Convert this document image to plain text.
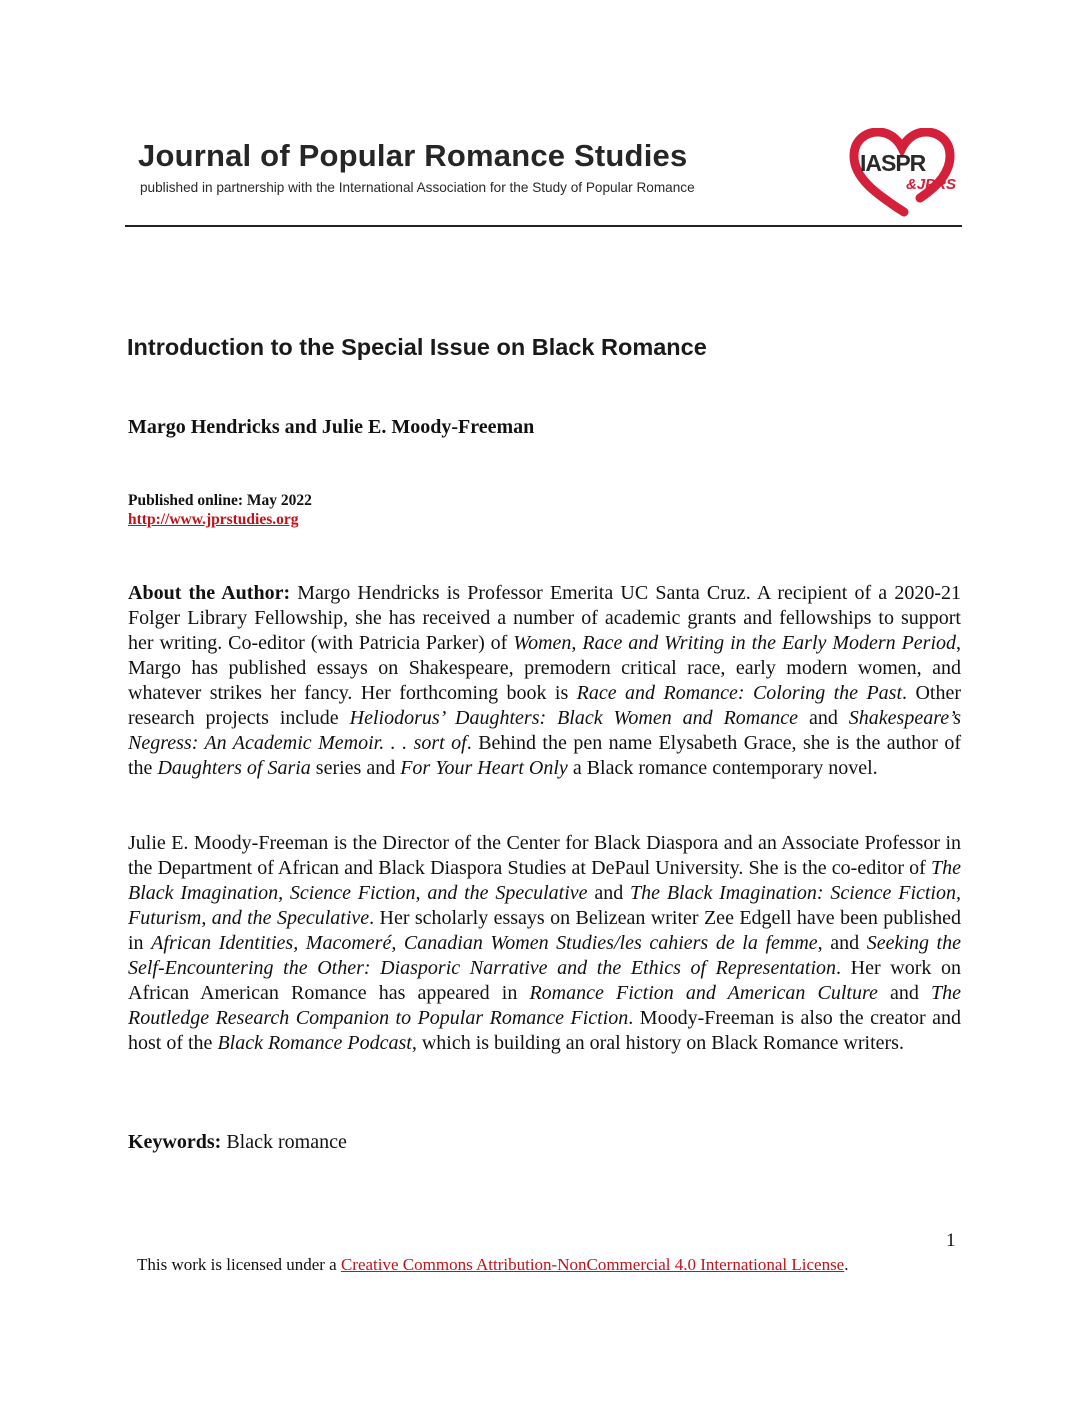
Journal of Popular Romance Studies
published in partnership with the International Association for the Study of Popular Romance
IASPR
&JPRS
Introduction to the Special Issue on Black Romance
Margo Hendricks and Julie E. Moody-Freeman
Published online: May 2022
http://www.jprstudies.org

About the Author: Margo Hendricks is Professor Emerita UC Santa Cruz. A recipient of a 2020-21 Folger Library Fellowship, she has received a number of academic grants and fellowships to support her writing. Co-editor (with Patricia Parker) of Women, Race and Writing in the Early Modern Period, Margo has published essays on Shakespeare, premodern critical race, early modern women, and whatever strikes her fancy. Her forthcoming book is Race and Romance: Coloring the Past. Other research projects include Heliodorus’ Daughters: Black Women and Romance and Shakespeare’s Negress: An Academic Memoir. . . sort of. Behind the pen name Elysabeth Grace, she is the author of the Daughters of Saria series and For Your Heart Only a Black romance contemporary novel.

Julie E. Moody-Freeman is the Director of the Center for Black Diaspora and an Associate Professor in the Department of African and Black Diaspora Studies at DePaul University. She is the co-editor of The Black Imagination, Science Fiction, and the Speculative and The Black Imagination: Science Fiction, Futurism, and the Speculative. Her scholarly essays on Belizean writer Zee Edgell have been published in African Identities, Macomeré, Canadian Women Studies/les cahiers de la femme, and Seeking the Self-Encountering the Other: Diasporic Narrative and the Ethics of Representation. Her work on African American Romance has appeared in Romance Fiction and American Culture and The Routledge Research Companion to Popular Romance Fiction. Moody-Freeman is also the creator and host of the Black Romance Podcast, which is building an oral history on Black Romance writers.

Keywords: Black romance
1
This work is licensed under a Creative Commons Attribution-NonCommercial 4.0 International License.
